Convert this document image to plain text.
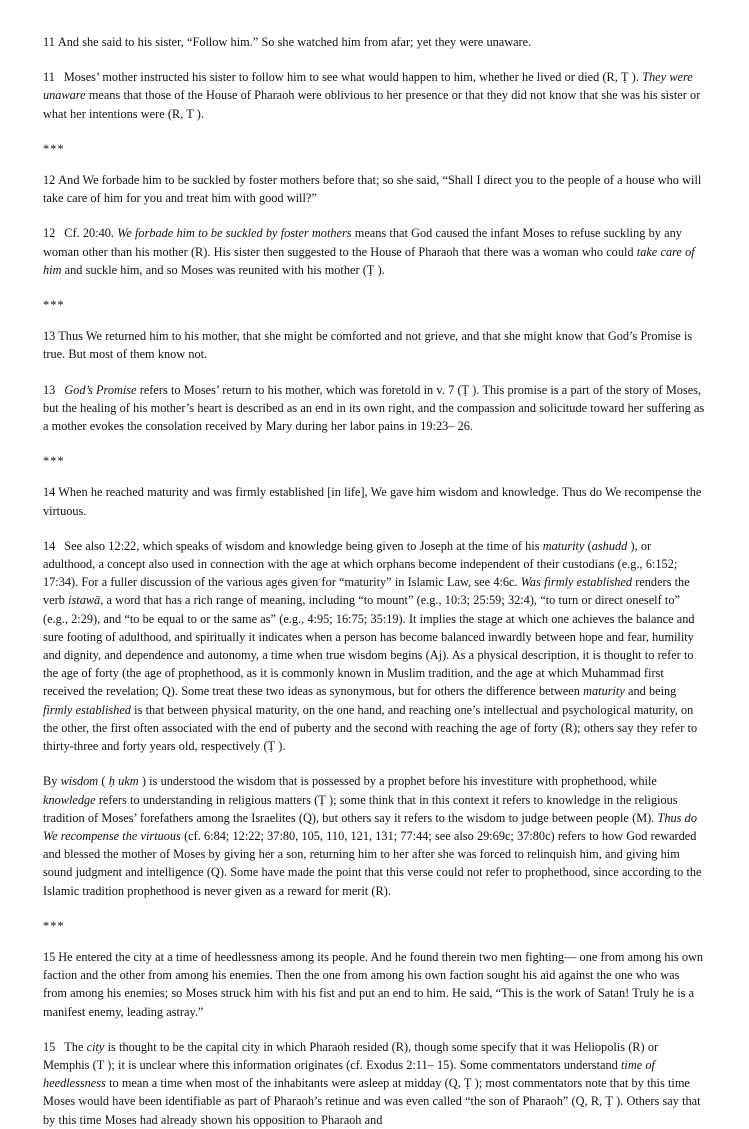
11 And she said to his sister, “Follow him.” So she watched him from afar; yet they were unaware.

11 Moses’ mother instructed his sister to follow him to see what would happen to him, whether he lived or died (R, Ṭ ). They were unaware means that those of the House of Pharaoh were oblivious to her presence or that they did not know that she was his sister or what her intentions were (R, T ).

***

12 And We forbade him to be suckled by foster mothers before that; so she said, “Shall I direct you to the people of a house who will take care of him for you and treat him with good will?”

12 Cf. 20:40. We forbade him to be suckled by foster mothers means that God caused the infant Moses to refuse suckling by any woman other than his mother (R). His sister then suggested to the House of Pharaoh that there was a woman who could take care of him and suckle him, and so Moses was reunited with his mother (Ṭ ).

***

13 Thus We returned him to his mother, that she might be comforted and not grieve, and that she might know that God’s Promise is true. But most of them know not.

13 God’s Promise refers to Moses’ return to his mother, which was foretold in v. 7 (Ṭ ). This promise is a part of the story of Moses, but the healing of his mother’s heart is described as an end in its own right, and the compassion and solicitude toward her suffering as a mother evokes the consolation received by Mary during her labor pains in 19:23– 26.

***

14 When he reached maturity and was firmly established [in life], We gave him wisdom and knowledge. Thus do We recompense the virtuous.

14 See also 12:22, which speaks of wisdom and knowledge being given to Joseph at the time of his maturity (ashudd ), or adulthood, a concept also used in connection with the age at which orphans become independent of their custodians (e.g., 6:152; 17:34). For a fuller discussion of the various ages given for “maturity” in Islamic Law, see 4:6c. Was firmly established renders the verb istawā, a word that has a rich range of meaning, including “to mount” (e.g., 10:3; 25:59; 32:4), “to turn or direct oneself to” (e.g., 2:29), and “to be equal to or the same as” (e.g., 4:95; 16:75; 35:19). It implies the stage at which one achieves the balance and sure footing of adulthood, and spiritually it indicates when a person has become balanced inwardly between hope and fear, humility and dignity, and dependence and autonomy, a time when true wisdom begins (Aj). As a physical description, it is thought to refer to the age of forty (the age of prophethood, as it is commonly known in Muslim tradition, and the age at which Muhammad first received the revelation; Q). Some treat these two ideas as synonymous, but for others the difference between maturity and being firmly established is that between physical maturity, on the one hand, and reaching one’s intellectual and psychological maturity, on the other, the first often associated with the end of puberty and the second with reaching the age of forty (R); others say they refer to thirty-three and forty years old, respectively (Ṭ ).

By wisdom ( ḥ ukm ) is understood the wisdom that is possessed by a prophet before his investiture with prophethood, while knowledge refers to understanding in religious matters (Ṭ ); some think that in this context it refers to knowledge in the religious tradition of Moses’ forefathers among the Israelites (Q), but others say it refers to the wisdom to judge between people (M). Thus do We recompense the virtuous (cf. 6:84; 12:22; 37:80, 105, 110, 121, 131; 77:44; see also 29:69c; 37:80c) refers to how God rewarded and blessed the mother of Moses by giving her a son, returning him to her after she was forced to relinquish him, and giving him sound judgment and intelligence (Q). Some have made the point that this verse could not refer to prophethood, since according to the Islamic tradition prophethood is never given as a reward for merit (R).

***

15 He entered the city at a time of heedlessness among its people. And he found therein two men fighting— one from among his own faction and the other from among his enemies. Then the one from among his own faction sought his aid against the one who was from among his enemies; so Moses struck him with his fist and put an end to him. He said, “This is the work of Satan! Truly he is a manifest enemy, leading astray.”

15 The city is thought to be the capital city in which Pharaoh resided (R), though some specify that it was Heliopolis (R) or Memphis (T ); it is unclear where this information originates (cf. Exodus 2:11– 15). Some commentators understand time of heedlessness to mean a time when most of the inhabitants were asleep at midday (Q, Ṭ ); most commentators note that by this time Moses would have been identifiable as part of Pharaoh’s retinue and was even called “the son of Pharaoh” (Q, R, Ṭ ). Others say that by this time Moses had already shown his opposition to Pharaoh and
